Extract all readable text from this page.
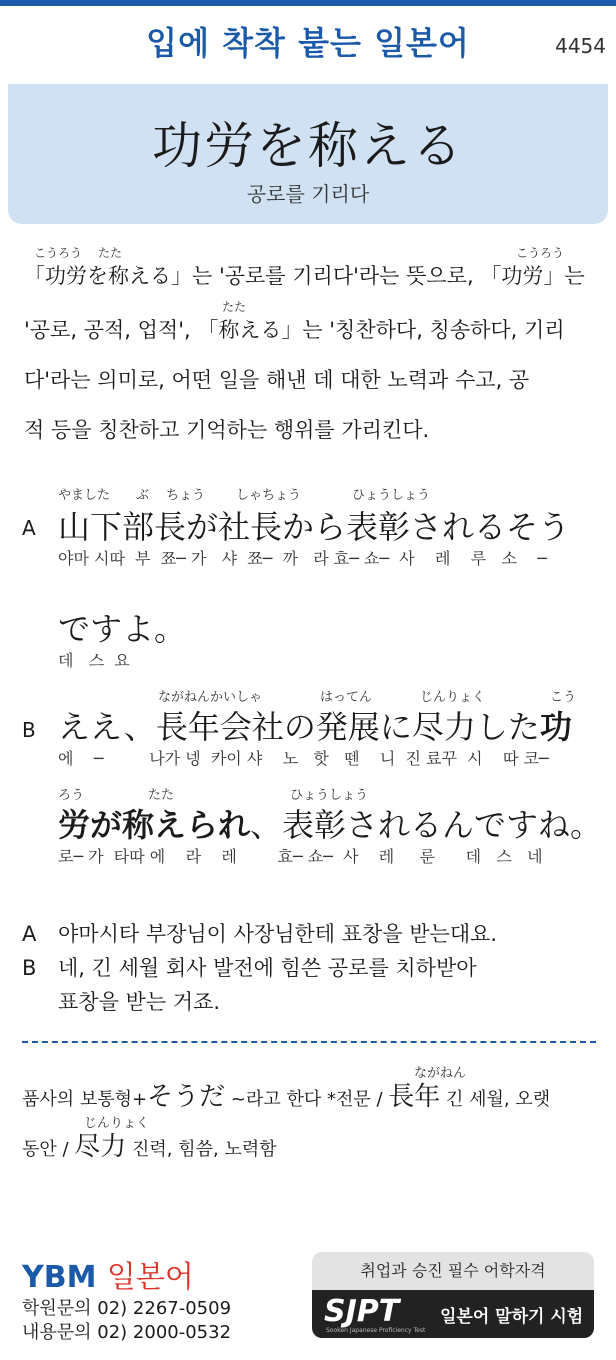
입에 착착 붙는 일본어	4454
功労を称える
공로를 기리다
こうろう たた	こうろう
「功労を称える」는 '공로를 기리다'라는 뜻으로, 「功労」는
たた
'공로, 공적, 업적', 「称える」는 '칭찬하다, 칭송하다, 기리
다'라는 의미로, 어떤 일을 해낸 데 대한 노력과 수고, 공
적 등을 칭찬하고 기억하는 행위를 가리킨다.
やました ぶ ちょう しゃちょう	ひょうしょう
A 山下部長が社長から表彰されるそう
야마 시따  부  쬬─ 가   샤  쬬─  까   라 효─ 쇼─  사    레    루   소    ─
ですよ。
데   스  요
ながねんかいしゃ	はってん	じんりょく	こう
B ええ、長年会社の発展に尽力した功
에    ─         나가 넹  카이 샤    노   핫   뗀    니  진 료꾸  시    따 코─
ろう	たた	ひょうしょう
労が称えられ、表彰されるんですね。
로─ 가  타따 에    라    레        효─ 쇼─  사    레     룬      데   스   네
A 야마시타 부장님이 사장님한테 표창을 받는대요.
B 네, 긴 세월 회사 발전에 힘쓴 공로를 치하받아
표창을 받는 거죠.
ながねん
품사의 보통형+そうだ ~라고 한다 *전문 / 長年 긴 세월, 오랫
じんりょく
동안 / 尽力 진력, 힘씀, 노력함
YBM 일본어
학원문의 02) 2267-0509
내용문의 02) 2000-0532
취업과 승진 필수 어학자격
SJPT
Sooken Japanese Proficiency Test
일본어 말하기 시험
